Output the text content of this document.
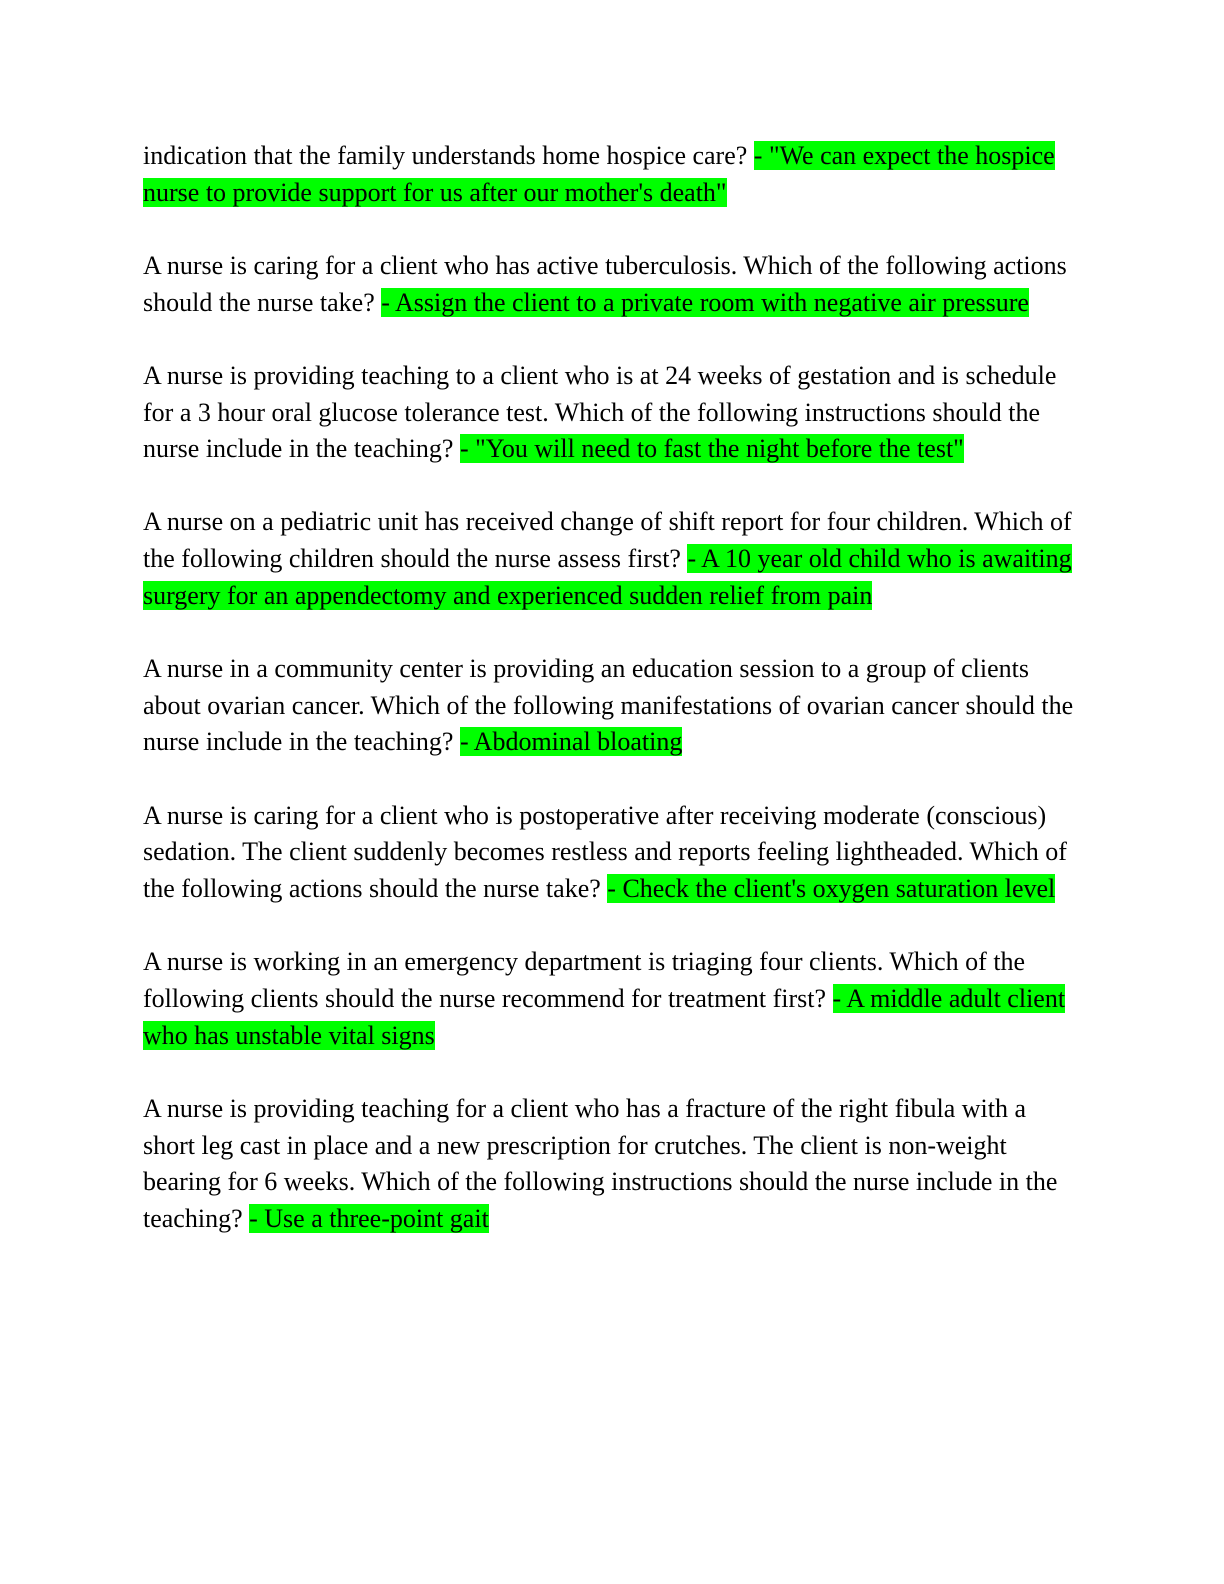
indication that the family understands home hospice care? - "We can expect the hospice nurse to provide support for us after our mother's death"

A nurse is caring for a client who has active tuberculosis. Which of the following actions should the nurse take? - Assign the client to a private room with negative air pressure

A nurse is providing teaching to a client who is at 24 weeks of gestation and is schedule for a 3 hour oral glucose tolerance test. Which of the following instructions should the nurse include in the teaching? - "You will need to fast the night before the test"

A nurse on a pediatric unit has received change of shift report for four children. Which of the following children should the nurse assess first? - A 10 year old child who is awaiting surgery for an appendectomy and experienced sudden relief from pain

A nurse in a community center is providing an education session to a group of clients about ovarian cancer. Which of the following manifestations of ovarian cancer should the nurse include in the teaching? - Abdominal bloating

A nurse is caring for a client who is postoperative after receiving moderate (conscious) sedation. The client suddenly becomes restless and reports feeling lightheaded. Which of the following actions should the nurse take? - Check the client's oxygen saturation level

A nurse is working in an emergency department is triaging four clients. Which of the following clients should the nurse recommend for treatment first? - A middle adult client who has unstable vital signs

A nurse is providing teaching for a client who has a fracture of the right fibula with a short leg cast in place and a new prescription for crutches. The client is non-weight bearing for 6 weeks. Which of the following instructions should the nurse include in the teaching? - Use a three-point gait
